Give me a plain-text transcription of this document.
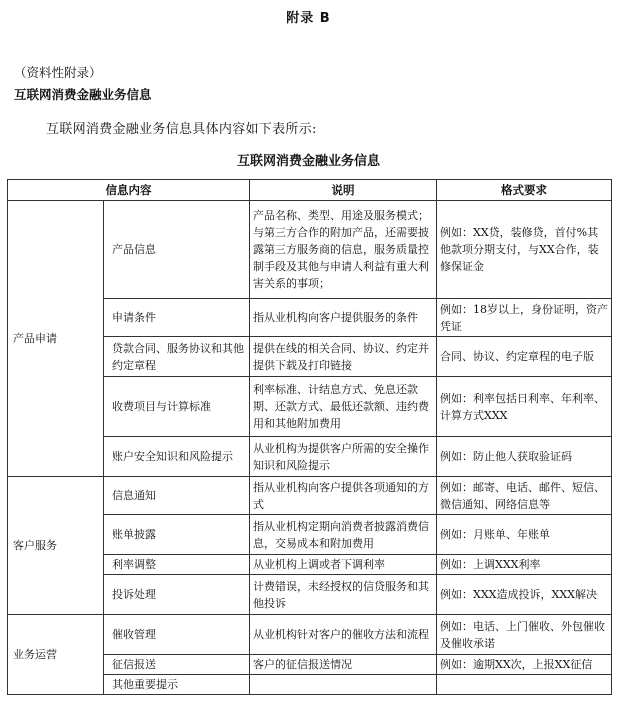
附录 B
（资料性附录）
互联网消费金融业务信息
互联网消费金融业务信息具体内容如下表所示:
互联网消费金融业务信息
信息内容		说明	格式要求
产品申请	产品信息	产品名称、类型、用途及服务模式；与第三方合作的附加产品，还需要披露第三方服务商的信息，服务质量控制手段及其他与申请人利益有重大利害关系的事项；	例如：XX贷，装修贷，首付%其他款项分期支付，与XX合作，装修保证金
	申请条件	指从业机构向客户提供服务的条件	例如：18岁以上，身份证明，资产凭证
	贷款合同、服务协议和其他约定章程	提供在线的相关合同、协议、约定并提供下载及打印链接	合同、协议、约定章程的电子版
	收费项目与计算标准	利率标准、计结息方式、免息还款期、还款方式、最低还款额、违约费用和其他附加费用	例如：利率包括日利率、年利率、计算方式XXX
	账户安全知识和风险提示	从业机构为提供客户所需的安全操作知识和风险提示	例如：防止他人获取验证码
客户服务	信息通知	指从业机构向客户提供各项通知的方式	例如：邮寄、电话、邮件、短信、微信通知、网络信息等
	账单披露	指从业机构定期向消费者披露消费信息，交易成本和附加费用	例如：月账单、年账单
	利率调整	从业机构上调或者下调利率	例如：上调XXX利率
	投诉处理	计费错误，未经授权的信贷服务和其他投诉	例如：XXX造成投诉，XXX解决
业务运营	催收管理	从业机构针对客户的催收方法和流程	例如：电话、上门催收、外包催收及催收承诺
	征信报送	客户的征信报送情况	例如：逾期XX次，上报XX征信
	其他重要提示		
